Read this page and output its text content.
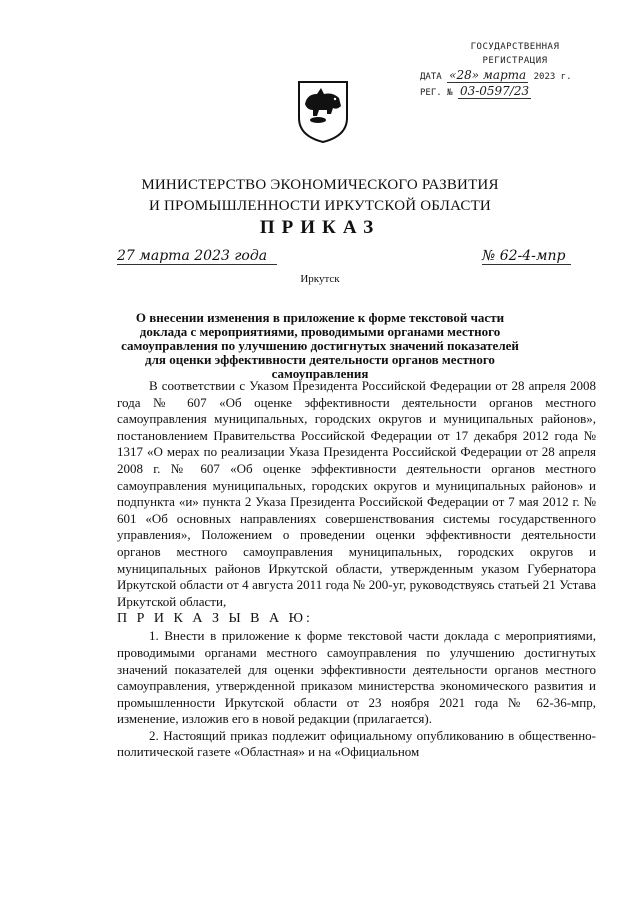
ГОСУДАРСТВЕННАЯ
РЕГИСТРАЦИЯ
ДАТА «28» марта 2023 г.
РЕГ. № 03-0597/23
МИНИСТЕРСТВО ЭКОНОМИЧЕСКОГО РАЗВИТИЯ
И ПРОМЫШЛЕННОСТИ ИРКУТСКОЙ ОБЛАСТИ
ПРИКАЗ
27 марта 2023 года	№ 62-4-мпр
Иркутск
О внесении изменения в приложение к форме текстовой части доклада с мероприятиями, проводимыми органами местного самоуправления по улучшению достигнутых значений показателей для оценки эффективности деятельности органов местного самоуправления

В соответствии с Указом Президента Российской Федерации от 28 апреля 2008 года № 607 «Об оценке эффективности деятельности органов местного самоуправления муниципальных, городских округов и муниципальных районов», постановлением Правительства Российской Федерации от 17 декабря 2012 года № 1317 «О мерах по реализации Указа Президента Российской Федерации от 28 апреля 2008 г. № 607 «Об оценке эффективности деятельности органов местного самоуправления муниципальных, городских округов и муниципальных районов» и подпункта «и» пункта 2 Указа Президента Российской Федерации от 7 мая 2012 г. № 601 «Об основных направлениях совершенствования системы государственного управления», Положением о проведении оценки эффективности деятельности органов местного самоуправления муниципальных, городских округов и муниципальных районов Иркутской области, утвержденным указом Губернатора Иркутской области от 4 августа 2011 года № 200-уг, руководствуясь статьей 21 Устава Иркутской области,

П Р И К А З Ы В А Ю:

1. Внести в приложение к форме текстовой части доклада с мероприятиями, проводимыми органами местного самоуправления по улучшению достигнутых значений показателей для оценки эффективности деятельности органов местного самоуправления, утвержденной приказом министерства экономического развития и промышленности Иркутской области от 23 ноября 2021 года № 62-36-мпр, изменение, изложив его в новой редакции (прилагается).

2. Настоящий приказ подлежит официальному опубликованию в общественно-политической газете «Областная» и на «Официальном
